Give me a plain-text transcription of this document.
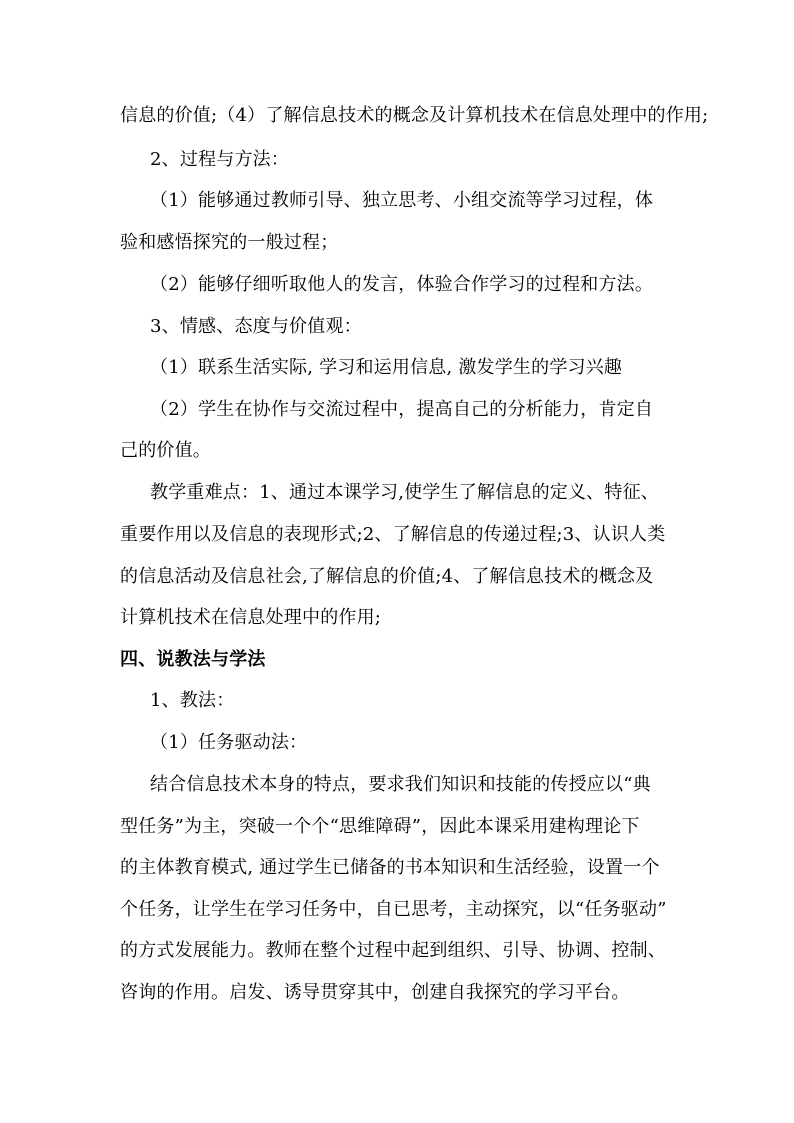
信息的价值;（4）了解信息技术的概念及计算机技术在信息处理中的作用;
2、过程与方法：
（1）能够通过教师引导、独立思考、小组交流等学习过程，体
验和感悟探究的一般过程；
（2）能够仔细听取他人的发言，体验合作学习的过程和方法。
3、情感、态度与价值观：
（1）联系生活实际, 学习和运用信息, 激发学生的学习兴趣
（2）学生在协作与交流过程中，提高自己的分析能力，肯定自
己的价值。
教学重难点：1、通过本课学习,使学生了解信息的定义、特征、
重要作用以及信息的表现形式;2、了解信息的传递过程;3、认识人类
的信息活动及信息社会,了解信息的价值;4、了解信息技术的概念及
计算机技术在信息处理中的作用;
四、说教法与学法
1、教法：
（1）任务驱动法：
结合信息技术本身的特点，要求我们知识和技能的传授应以“典
型任务”为主，突破一个个“思维障碍”，因此本课采用建构理论下
的主体教育模式, 通过学生已储备的书本知识和生活经验，设置一个
个任务，让学生在学习任务中，自已思考，主动探究，以“任务驱动”
的方式发展能力。教师在整个过程中起到组织、引导、协调、控制、
咨询的作用。启发、诱导贯穿其中，创建自我探究的学习平台。
